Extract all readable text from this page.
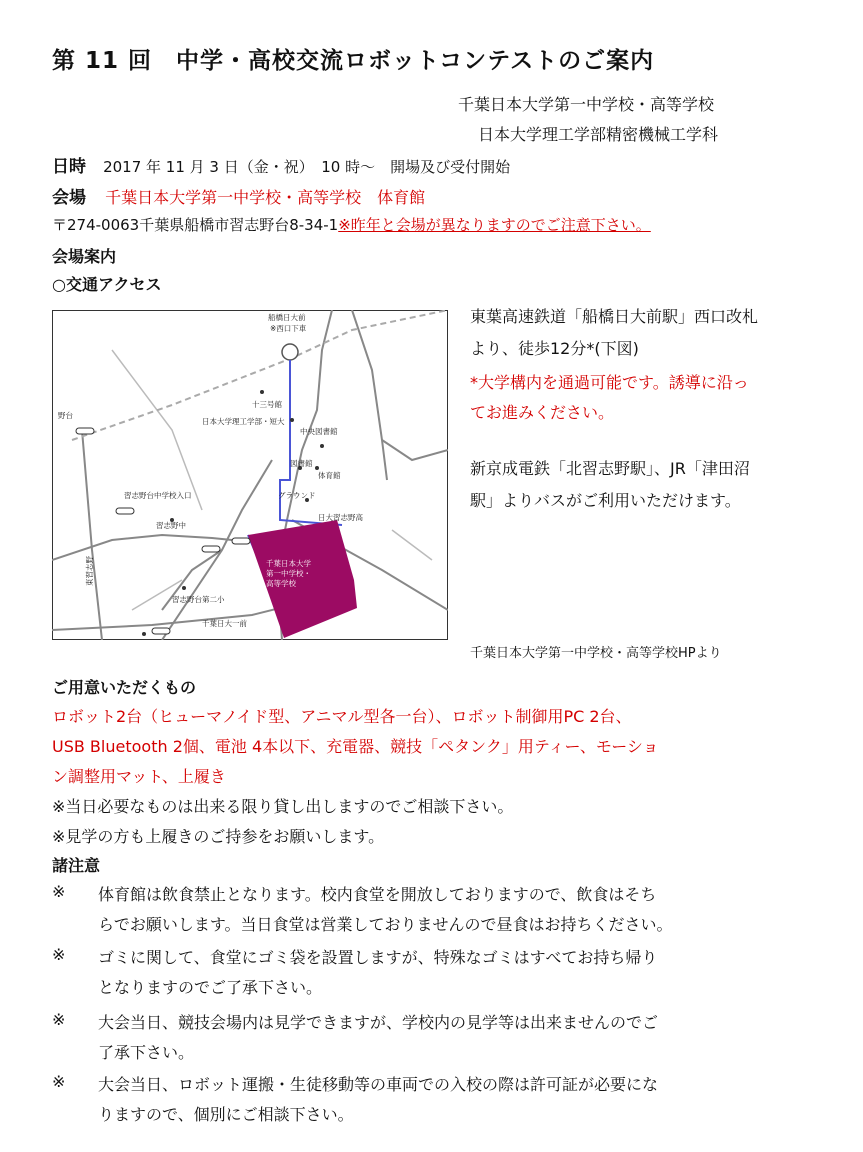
第 11 回　中学・高校交流ロボットコンテストのご案内
千葉日本大学第一中学校・高等学校
日本大学理工学部精密機械工学科
日時 2017 年 11 月 3 日（金・祝）　10 時～　開場及び受付開始
会場 千葉日本大学第一中学校・高等学校　体育館
〒274-0063千葉県船橋市習志野台8-34-1※昨年と会場が異なりますのでご注意下さい。
会場案内
○交通アクセス
船橋日大前
※西口下車
十三号館
日本大学理工学部・短大
中央図書館
図書館
体育館
グラウンド
日大習志野高
習志野台中学校入口
習志野中
習志野台第二小
千葉日大一前
野台
東習志野	千葉日本大学
第一中学校・
高等学校
東葉高速鉄道「船橋日大前駅」西口改札
より、徒歩12分*(下図)
*大学構内を通過可能です。誘導に沿っ
てお進みください。
新京成電鉄「北習志野駅」、JR「津田沼
駅」よりバスがご利用いただけます。
千葉日本大学第一中学校・高等学校HPより
ご用意いただくもの
ロボット2台（ヒューマノイド型、アニマル型各一台）、ロボット制御用PC 2台、
USB Bluetooth 2個、電池 4本以下、充電器、競技「ペタンク」用ティー、モーショ
ン調整用マット、上履き
※当日必要なものは出来る限り貸し出しますのでご相談下さい。
※見学の方も上履きのご持参をお願いします。
諸注意
※ 体育館は飲食禁止となります。校内食堂を開放しておりますので、飲食はそち
らでお願いします。当日食堂は営業しておりませんので昼食はお持ちください。
※ ゴミに関して、食堂にゴミ袋を設置しますが、特殊なゴミはすべてお持ち帰り
となりますのでご了承下さい。
※ 大会当日、競技会場内は見学できますが、学校内の見学等は出来ませんのでご
了承下さい。
※ 大会当日、ロボット運搬・生徒移動等の車両での入校の際は許可証が必要にな
りますので、個別にご相談下さい。
